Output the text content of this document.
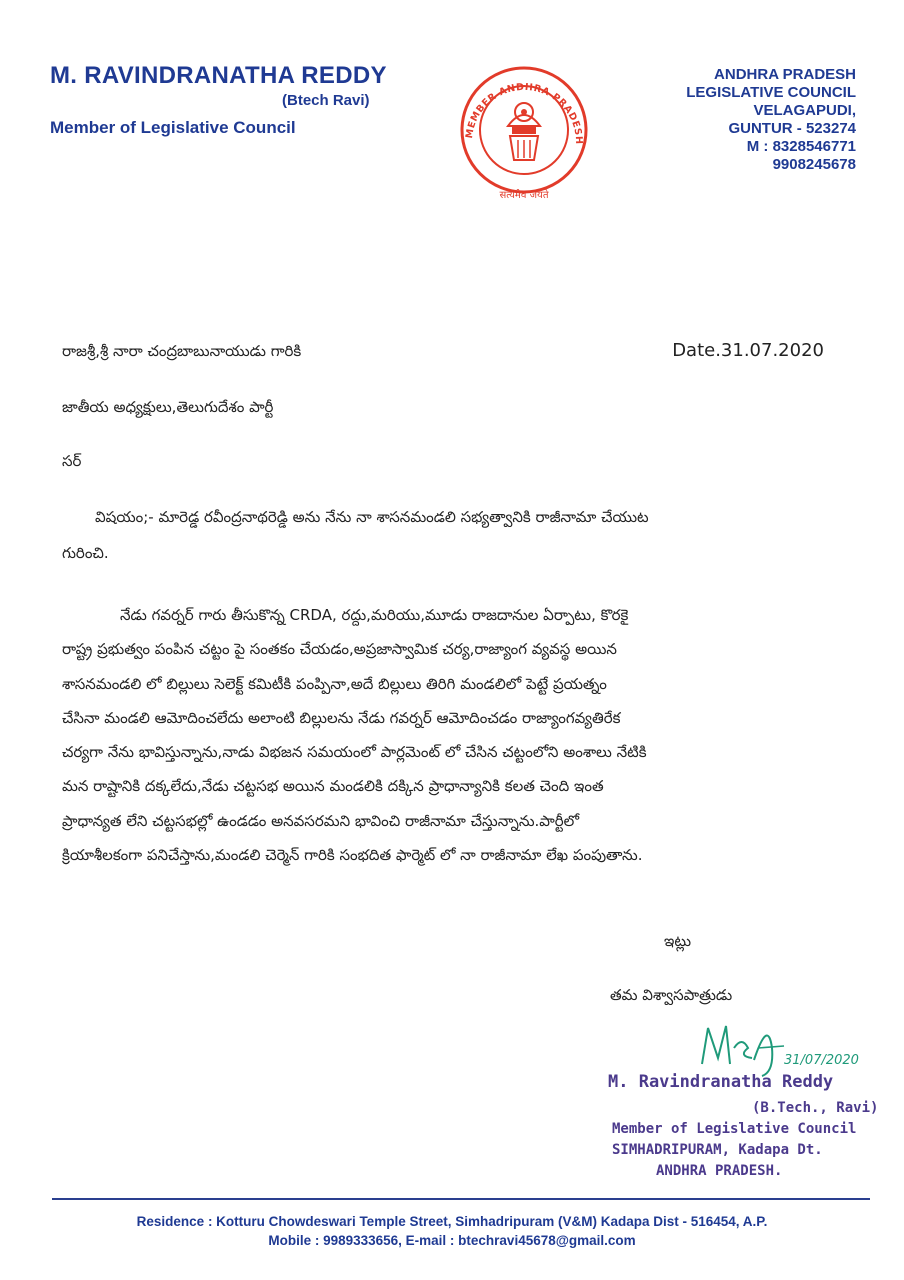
M. RAVINDRANATHA REDDY
(Btech Ravi)
Member of Legislative Council	MEMBER ANDHRA PRADESH
सत्यमेव जयते
ANDHRA PRADESH
LEGISLATIVE COUNCIL
VELAGAPUDI,
GUNTUR - 523274
M : 8328546771
9908245678
Date.31.07.2020
రాజశ్రీ,శ్రీ నారా చంద్రబాబునాయుడు గారికి
జాతీయ అధ్యక్షులు,తెలుగుదేశం పార్టీ
సర్
విషయం;- మారెడ్డ రవీంద్రనాథరెడ్డి అను నేను నా శాసనమండలి సభ్యత్వానికి రాజీనామా చేయుట
గురించి.
నేడు గవర్నర్ గారు తీసుకొన్న CRDA, రద్దు,మరియు,మూడు రాజదానుల ఏర్పాటు, కొరకై
రాష్ట్ర ప్రభుత్వం పంపిన చట్టం పై సంతకం చేయడం,అప్రజాస్వామిక చర్య,రాజ్యాంగ వ్యవస్థ అయిన
శాసనమండలి లో బిల్లులు సెలెక్ట్ కమిటీకి పంప్పినా,అదే బిల్లులు తిరిగి మండలిలో పెట్టే ప్రయత్నం
చేసినా మండలి ఆమోదించలేదు అలాంటి బిల్లులను నేడు గవర్నర్ ఆమోదించడం రాజ్యాంగవ్యతిరేక
చర్యగా నేను భావిస్తున్నాను,నాడు విభజన సమయంలో పార్లమెంట్ లో చేసిన చట్టంలోని అంశాలు నేటికి
మన రాష్టానికి దక్కలేదు,నేడు చట్టసభ అయిన మండలికి దక్కిన ప్రాధాన్యానికి కలత చెంది ఇంత
ప్రాధాన్యత లేని చట్టసభల్లో ఉండడం అనవసరమని భావించి రాజీనామా చేస్తున్నాను.పార్టీలో
క్రియాశీలకంగా పనిచేస్తాను,మండలి చెర్మెన్ గారికి సంభదిత ఫార్మెట్ లో నా రాజీనామా లేఖ పంపుతాను.
ఇట్లు
తమ విశ్వాసపాత్రుడు
31/07/2020
M. Ravindranatha Reddy
(B.Tech., Ravi)
Member of Legislative Council
SIMHADRIPURAM, Kadapa Dt.
ANDHRA PRADESH.
Residence : Kotturu Chowdeswari Temple Street, Simhadripuram (V&M) Kadapa Dist - 516454, A.P.
Mobile : 9989333656, E-mail : btechravi45678@gmail.com
